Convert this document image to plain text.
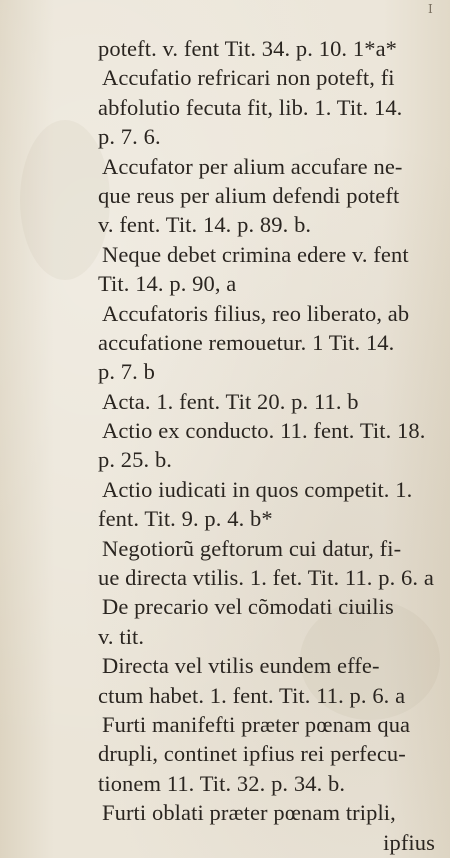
I
poteft. v. fent Tit. 34. p. 10. 1*a*
Accufatio refricari non poteft, fi
abfolutio fecuta fit, lib. 1. Tit. 14.
p. 7. 6.
Accufator per alium accufare ne-
que reus per alium defendi poteft
v. fent. Tit. 14. p. 89. b.
Neque debet crimina edere v. fent
Tit. 14. p. 90, a
Accufatoris filius, reo liberato, ab
accufatione remouetur. 1 Tit. 14.
p. 7. b
Acta. 1. fent. Tit 20. p. 11. b
Actio ex conducto. 11. fent. Tit. 18.
p. 25. b.
Actio iudicati in quos competit. 1.
fent. Tit. 9. p. 4. b*
Negotiorũ geftorum cui datur, fi-
ue directa vtilis. 1. fet. Tit. 11. p. 6. a
De precario vel cõmodati ciuilis
v. tit.
Directa vel vtilis eundem effe-
ctum habet. 1. fent. Tit. 11. p. 6. a
Furti manifefti præter pœnam qua
drupli, continet ipfius rei perfecu-
tionem 11. Tit. 32. p. 34. b.
Furti oblati præter pœnam tripli,
ipfius
